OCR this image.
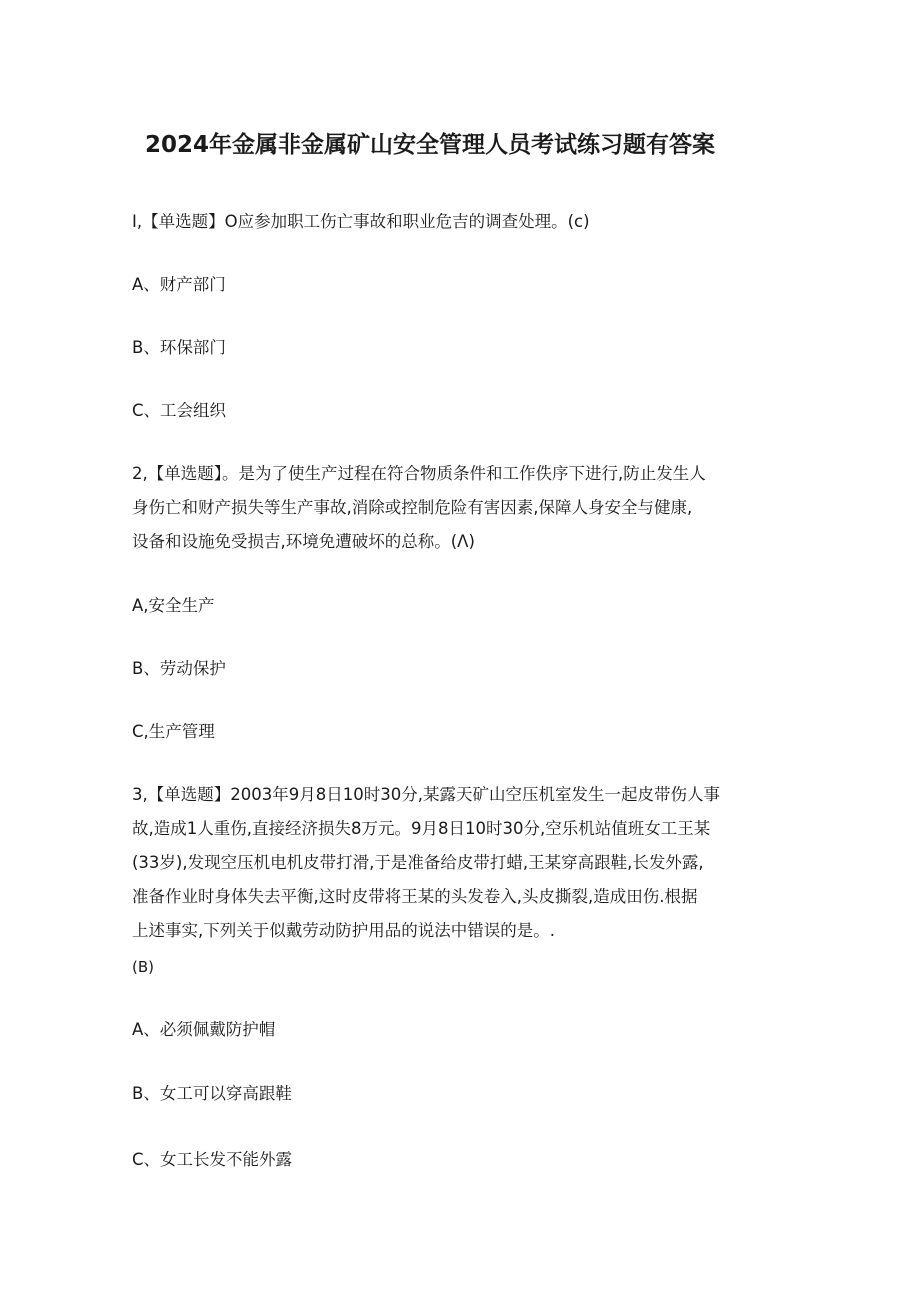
2024年金属非金属矿山安全管理人员考试练习题有答案

I,【单选题】O应参加职工伤亡事故和职业危吉的调查处理。(c)

A、财产部门

B、环保部门

C、工会组织

2,【单选题】。是为了使生产过程在符合物质条件和工作佚序下进行,防止发生人

身伤亡和财产损失等生产事故,消除或控制危险有害因素,保障人身安全与健康,

设备和设施免受损吉,环境免遭破坏的总称。(Λ)

A,安全生产

B、劳动保护

C,生产管理

3,【单选题】2003年9月8日10时30分,某露天矿山空压机室发生一起皮带伤人事

故,造成1人重伤,直接经济损失8万元。9月8日10时30分,空乐机站值班女工王某

(33岁),发现空压机电机皮带打滑,于是准备给皮带打蜡,王某穿高跟鞋,长发外露,

准备作业时身体失去平衡,这时皮带将王某的头发卷入,头皮撕裂,造成田伤.根据

上述事实,下列关于似戴劳动防护用品的说法中错误的是。.

(B)

A、必须佩戴防护帽

B、女工可以穿高跟鞋

C、女工长发不能外露
